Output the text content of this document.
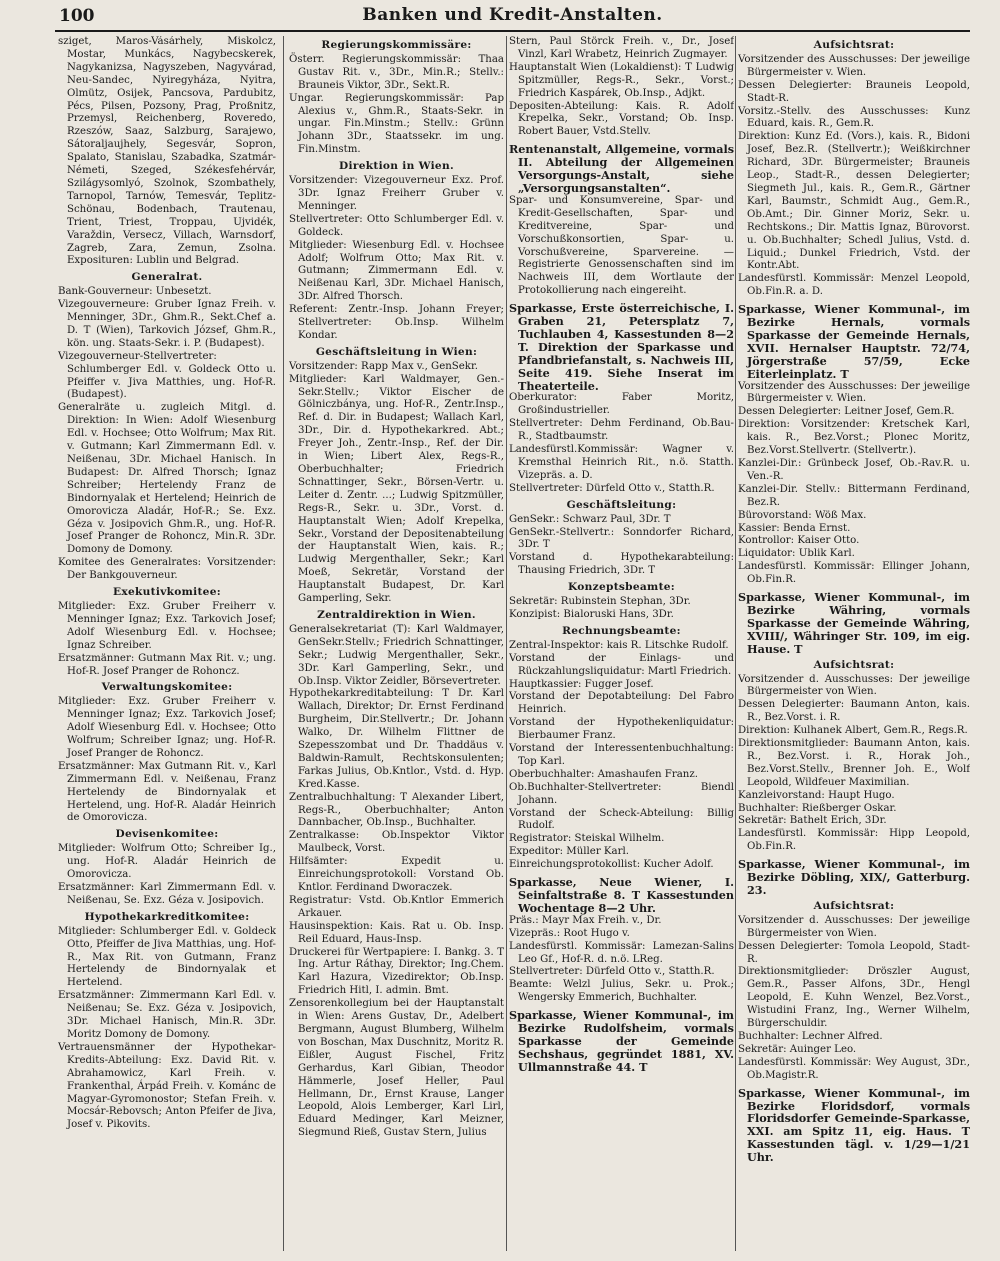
100	Banken und Kredit-Anstalten.

sziget, Maros-Vásárhely, Miskolcz, Mostar, Munkács, Nagybecskerek, Nagykanizsa, Nagyszeben, Nagyvárad, Neu-Sandec, Nyiregyháza, Nyitra, Olmütz, Osijek, Pancsova, Pardubitz, Pécs, Pilsen, Pozsony, Prag, Proßnitz, Przemysl, Reichenberg, Roveredo, Rzeszów, Saaz, Salzburg, Sarajewo, Sátoraljaujhely, Segesvár, Sopron, Spalato, Stanislau, Szabadka, Szatmár-Németi, Szeged, Székesfehérvár, Szilágysomlyó, Szolnok, Szombathely, Tarnopol, Tarnów, Temesvár, Teplitz-Schönau, Bodenbach, Trautenau, Trient, Triest, Troppau, Ujvidék, Varaždin, Versecz, Villach, Warnsdorf, Zagreb, Zara, Zemun, Zsolna. Exposituren: Lublin und Belgrad.

Generalrat.

Bank-Gouverneur: Unbesetzt.

Vizegouverneure: Gruber Ignaz Freih. v. Menninger, 3Dr., Ghm.R., Sekt.Chef a. D. T (Wien), Tarkovich József, Ghm.R., kön. ung. Staats-Sekr. i. P. (Budapest).

Vizegouverneur-Stellvertreter: Schlumberger Edl. v. Goldeck Otto u. Pfeiffer v. Jiva Matthies, ung. Hof-R. (Budapest).

Generalräte u. zugleich Mitgl. d. Direktion: In Wien: Adolf Wiesenburg Edl. v. Hochsee; Otto Wolfrum; Max Rit. v. Gutmann; Karl Zimmermann Edl. v. Neißenau, 3Dr. Michael Hanisch. In Budapest: Dr. Alfred Thorsch; Ignaz Schreiber; Hertelendy Franz de Bindornyalak et Hertelend; Heinrich de Omorovicza Aladár, Hof-R.; Se. Exz. Géza v. Josipovich Ghm.R., ung. Hof-R. Josef Pranger de Rohoncz, Min.R. 3Dr. Domony de Domony.

Komitee des Generalrates: Vorsitzender: Der Bankgouverneur.

Exekutivkomitee:

Mitglieder: Exz. Gruber Freiherr v. Menninger Ignaz; Exz. Tarkovich Josef; Adolf Wiesenburg Edl. v. Hochsee; Ignaz Schreiber.

Ersatzmänner: Gutmann Max Rit. v.; ung. Hof-R. Josef Pranger de Rohoncz.

Verwaltungskomitee:

Mitglieder: Exz. Gruber Freiherr v. Menninger Ignaz; Exz. Tarkovich Josef; Adolf Wiesenburg Edl. v. Hochsee; Otto Wolfrum; Schreiber Ignaz; ung. Hof-R. Josef Pranger de Rohoncz.

Ersatzmänner: Max Gutmann Rit. v., Karl Zimmermann Edl. v. Neißenau, Franz Hertelendy de Bindornyalak et Hertelend, ung. Hof-R. Aladár Heinrich de Omorovicza.

Devisenkomitee:

Mitglieder: Wolfrum Otto; Schreiber Ig., ung. Hof-R. Aladár Heinrich de Omorovicza.

Ersatzmänner: Karl Zimmermann Edl. v. Neißenau, Se. Exz. Géza v. Josipovich.

Hypothekarkreditkomitee:

Mitglieder: Schlumberger Edl. v. Goldeck Otto, Pfeiffer de Jiva Matthias, ung. Hof-R., Max Rit. von Gutmann, Franz Hertelendy de Bindornyalak et Hertelend.

Ersatzmänner: Zimmermann Karl Edl. v. Neißenau; Se. Exz. Géza v. Josipovich, 3Dr. Michael Hanisch, Min.R. 3Dr. Moritz Domony de Domony.

Vertrauensmänner der Hypothekar-Kredits-Abteilung: Exz. David Rit. v. Abrahamowicz, Karl Freih. v. Frankenthal, Árpád Freih. v. Kománc de Magyar-Gyromonostor; Stefan Freih. v. Mocsár-Rebovsch; Anton Pfeifer de Jiva, Josef v. Pikovits.

Regierungskommissäre:

Österr. Regierungskommissär: Thaa Gustav Rit. v., 3Dr., Min.R.; Stellv.: Brauneis Viktor, 3Dr., Sekt.R.

Ungar. Regierungskommissär: Pap Alexius v., Ghm.R., Staats-Sekr. in ungar. Fin.Minstm.; Stellv.: Grünn Johann 3Dr., Staatssekr. im ung. Fin.Minstm.

Direktion in Wien.

Vorsitzender: Vizegouverneur Exz. Prof. 3Dr. Ignaz Freiherr Gruber v. Menninger.

Stellvertreter: Otto Schlumberger Edl. v. Goldeck.

Mitglieder: Wiesenburg Edl. v. Hochsee Adolf; Wolfrum Otto; Max Rit. v. Gutmann; Zimmermann Edl. v. Neißenau Karl, 3Dr. Michael Hanisch, 3Dr. Alfred Thorsch.

Referent: Zentr.-Insp. Johann Freyer; Stellvertreter: Ob.Insp. Wilhelm Kondar.

Geschäftsleitung in Wien:

Vorsitzender: Rapp Max v., GenSekr.

Mitglieder: Karl Waldmayer, Gen.-Sekr.Stellv.; Viktor Eischer de Gölniczbánya, ung. Hof-R., Zentr.Insp., Ref. d. Dir. in Budapest; Wallach Karl, 3Dr., Dir. d. Hypothekarkred. Abt.; Freyer Joh., Zentr.-Insp., Ref. der Dir. in Wien; Libert Alex, Regs-R., Oberbuchhalter; Friedrich Schnattinger, Sekr., Börsen-Vertr. u. Leiter d. Zentr. ...; Ludwig Spitzmüller, Regs-R., Sekr. u. 3Dr., Vorst. d. Hauptanstalt Wien; Adolf Krepelka, Sekr., Vorstand der Depositenabteilung der Hauptanstalt Wien, kais. R.; Ludwig Mergenthaller, Sekr.; Karl Moeß, Sekretär, Vorstand der Hauptanstalt Budapest, Dr. Karl Gamperling, Sekr.

Zentraldirektion in Wien.

Generalsekretariat (T): Karl Waldmayer, GenSekr.Stellv.; Friedrich Schnattinger, Sekr.; Ludwig Mergenthaller, Sekr., 3Dr. Karl Gamperling, Sekr., und Ob.Insp. Viktor Zeidler, Börsevertreter.

Hypothekarkreditabteilung: T Dr. Karl Wallach, Direktor; Dr. Ernst Ferdinand Burgheim, Dir.Stellvertr.; Dr. Johann Walko, Dr. Wilhelm Flittner de Szepesszombat und Dr. Thaddäus v. Baldwin-Ramult, Rechtskonsulenten; Farkas Julius, Ob.Kntlor., Vstd. d. Hyp. Kred.Kasse.

Zentralbuchhaltung: T Alexander Libert, Regs-R., Oberbuchhalter; Anton Dannbacher, Ob.Insp., Buchhalter.

Zentralkasse: Ob.Inspektor Viktor Maulbeck, Vorst.

Hilfsämter: Expedit u. Einreichungsprotokoll: Vorstand Ob. Kntlor. Ferdinand Dworaczek.

Registratur: Vstd. Ob.Kntlor Emmerich Arkauer.

Hausinspektion: Kais. Rat u. Ob. Insp. Reil Eduard, Haus-Insp.

Druckerei für Wertpapiere: I. Bankg. 3. T Ing. Artur Ráthay, Direktor; Ing.Chem. Karl Hazura, Vizedirektor; Ob.Insp. Friedrich Hitl, I. admin. Bmt.

Zensorenkollegium bei der Hauptanstalt in Wien: Arens Gustav, Dr., Adelbert Bergmann, August Blumberg, Wilhelm von Boschan, Max Duschnitz, Moritz R. Eißler, August Fischel, Fritz Gerhardus, Karl Gibian, Theodor Hämmerle, Josef Heller, Paul Hellmann, Dr., Ernst Krause, Langer Leopold, Alois Lemberger, Karl Lirl, Eduard Medinger, Karl Meizner, Siegmund Rieß, Gustav Stern, Julius

Stern, Paul Störck Freih. v., Dr., Josef Vinzl, Karl Wrabetz, Heinrich Zugmayer.

Hauptanstalt Wien (Lokaldienst): T Ludwig Spitzmüller, Regs-R., Sekr., Vorst.; Friedrich Kaspárek, Ob.Insp., Adjkt.

Depositen-Abteilung: Kais. R. Adolf Krepelka, Sekr., Vorstand; Ob. Insp. Robert Bauer, Vstd.Stellv.

Rentenanstalt, Allgemeine, vormals II. Abteilung der Allgemeinen Versorgungs-Anstalt, siehe „Versorgungsanstalten“.

Spar- und Konsumvereine, Spar- und Kredit-Gesellschaften, Spar- und Kreditvereine, Spar- und Vorschußkonsortien, Spar- u. Vorschußvereine, Sparvereine. — Registrierte Genossenschaften sind im Nachweis III, dem Wortlaute der Protokollierung nach eingereiht.

Sparkasse, Erste österreichische, I. Graben 21, Petersplatz 7, Tuchlauben 4, Kassestunden 8—2 T. Direktion der Sparkasse und Pfandbriefanstalt, s. Nachweis III, Seite 419. Siehe Inserat im Theaterteile.

Oberkurator: Faber Moritz, Großindustrieller.

Stellvertreter: Dehm Ferdinand, Ob.Bau-R., Stadtbaumstr.

Landesfürstl.Kommissär: Wagner v. Kremsthal Heinrich Rit., n.ö. Statth. Vizepräs. a. D.

Stellvertreter: Dürfeld Otto v., Statth.R.

Geschäftsleitung:

GenSekr.: Schwarz Paul, 3Dr. T

GenSekr.-Stellvertr.: Sonndorfer Richard, 3Dr. T

Vorstand d. Hypothekarabteilung: Thausing Friedrich, 3Dr. T

Konzeptsbeamte:

Sekretär: Rubinstein Stephan, 3Dr.

Konzipist: Bialoruski Hans, 3Dr.

Rechnungsbeamte:

Zentral-Inspektor: kais R. Litschke Rudolf.

Vorstand der Einlags- und Rückzahlungsliquidatur: Martl Friedrich.

Hauptkassier: Fugger Josef.

Vorstand der Depotabteilung: Del Fabro Heinrich.

Vorstand der Hypothekenliquidatur: Bierbaumer Franz.

Vorstand der Interessentenbuchhaltung: Top Karl.

Oberbuchhalter: Amashaufen Franz.

Ob.Buchhalter-Stellvertreter: Biendl Johann.

Vorstand der Scheck-Abteilung: Billig Rudolf.

Registrator: Steiskal Wilhelm.

Expeditor: Müller Karl.

Einreichungsprotokollist: Kucher Adolf.

Sparkasse, Neue Wiener, I. Seinfaltstraße 8. T Kassestunden Wochentage 8—2 Uhr.

Präs.: Mayr Max Freih. v., Dr.

Vizepräs.: Root Hugo v.

Landesfürstl. Kommissär: Lamezan-Salins Leo Gf., Hof-R. d. n.ö. LReg.

Stellvertreter: Dürfeld Otto v., Statth.R.

Beamte: Welzl Julius, Sekr. u. Prok.; Wengersky Emmerich, Buchhalter.

Sparkasse, Wiener Kommunal-, im Bezirke Rudolfsheim, vormals Sparkasse der Gemeinde Sechshaus, gegründet 1881, XV. Ullmannstraße 44. T

Aufsichtsrat:

Vorsitzender des Ausschusses: Der jeweilige Bürgermeister v. Wien.

Dessen Delegierter: Brauneis Leopold, Stadt-R.

Vorsitz.-Stellv. des Ausschusses: Kunz Eduard, kais. R., Gem.R.

Direktion: Kunz Ed. (Vors.), kais. R., Bidoni Josef, Bez.R. (Stellvertr.); Weißkirchner Richard, 3Dr. Bürgermeister; Brauneis Leop., Stadt-R., dessen Delegierter; Siegmeth Jul., kais. R., Gem.R., Gärtner Karl, Baumstr., Schmidt Aug., Gem.R., Ob.Amt.; Dir. Ginner Moriz, Sekr. u. Rechtskons.; Dir. Mattis Ignaz, Bürovorst. u. Ob.Buchhalter; Schedl Julius, Vstd. d. Liquid.; Dunkel Friedrich, Vstd. der Kontr.Abt.

Landesfürstl. Kommissär: Menzel Leopold, Ob.Fin.R. a. D.

Sparkasse, Wiener Kommunal-, im Bezirke Hernals, vormals Sparkasse der Gemeinde Hernals, XVII. Hernalser Hauptstr. 72/74, Jörgerstraße 57/59, Ecke Eiterleinplatz. T

Vorsitzender des Ausschusses: Der jeweilige Bürgermeister v. Wien.

Dessen Delegierter: Leitner Josef, Gem.R.

Direktion: Vorsitzender: Kretschek Karl, kais. R., Bez.Vorst.; Plonec Moritz, Bez.Vorst.Stellvertr. (Stellvertr.).

Kanzlei-Dir.: Grünbeck Josef, Ob.-Rav.R. u. Ven.-R.

Kanzlei-Dir. Stellv.: Bittermann Ferdinand, Bez.R.

Bürovorstand: Wöß Max.

Kassier: Benda Ernst.

Kontrollor: Kaiser Otto.

Liquidator: Ublik Karl.

Landesfürstl. Kommissär: Ellinger Johann, Ob.Fin.R.

Sparkasse, Wiener Kommunal-, im Bezirke Währing, vormals Sparkasse der Gemeinde Währing, XVIII/, Währinger Str. 109, im eig. Hause. T

Aufsichtsrat:

Vorsitzender d. Ausschusses: Der jeweilige Bürgermeister von Wien.

Dessen Delegierter: Baumann Anton, kais. R., Bez.Vorst. i. R.

Direktion: Kulhanek Albert, Gem.R., Regs.R.

Direktionsmitglieder: Baumann Anton, kais. R., Bez.Vorst. i. R., Horak Joh., Bez.Vorst.Stellv., Brenner Joh. E., Wolf Leopold, Wildfeuer Maximilian.

Kanzleivorstand: Haupt Hugo.

Buchhalter: Rießberger Oskar.

Sekretär: Bathelt Erich, 3Dr.

Landesfürstl. Kommissär: Hipp Leopold, Ob.Fin.R.

Sparkasse, Wiener Kommunal-, im Bezirke Döbling, XIX/, Gatterburg. 23.

Aufsichtsrat:

Vorsitzender d. Ausschusses: Der jeweilige Bürgermeister von Wien.

Dessen Delegierter: Tomola Leopold, Stadt-R.

Direktionsmitglieder: Dröszler August, Gem.R., Passer Alfons, 3Dr., Hengl Leopold, E. Kuhn Wenzel, Bez.Vorst., Wistudini Franz, Ing., Werner Wilhelm, Bürgerschuldir.

Buchhalter: Lechner Alfred.

Sekretär: Auinger Leo.

Landesfürstl. Kommissär: Wey August, 3Dr., Ob.Magistr.R.

Sparkasse, Wiener Kommunal-, im Bezirke Floridsdorf, vormals Floridsdorfer Gemeinde-Sparkasse, XXI. am Spitz 11, eig. Haus. T Kassestunden tägl. v. 1/29—1/21 Uhr.
